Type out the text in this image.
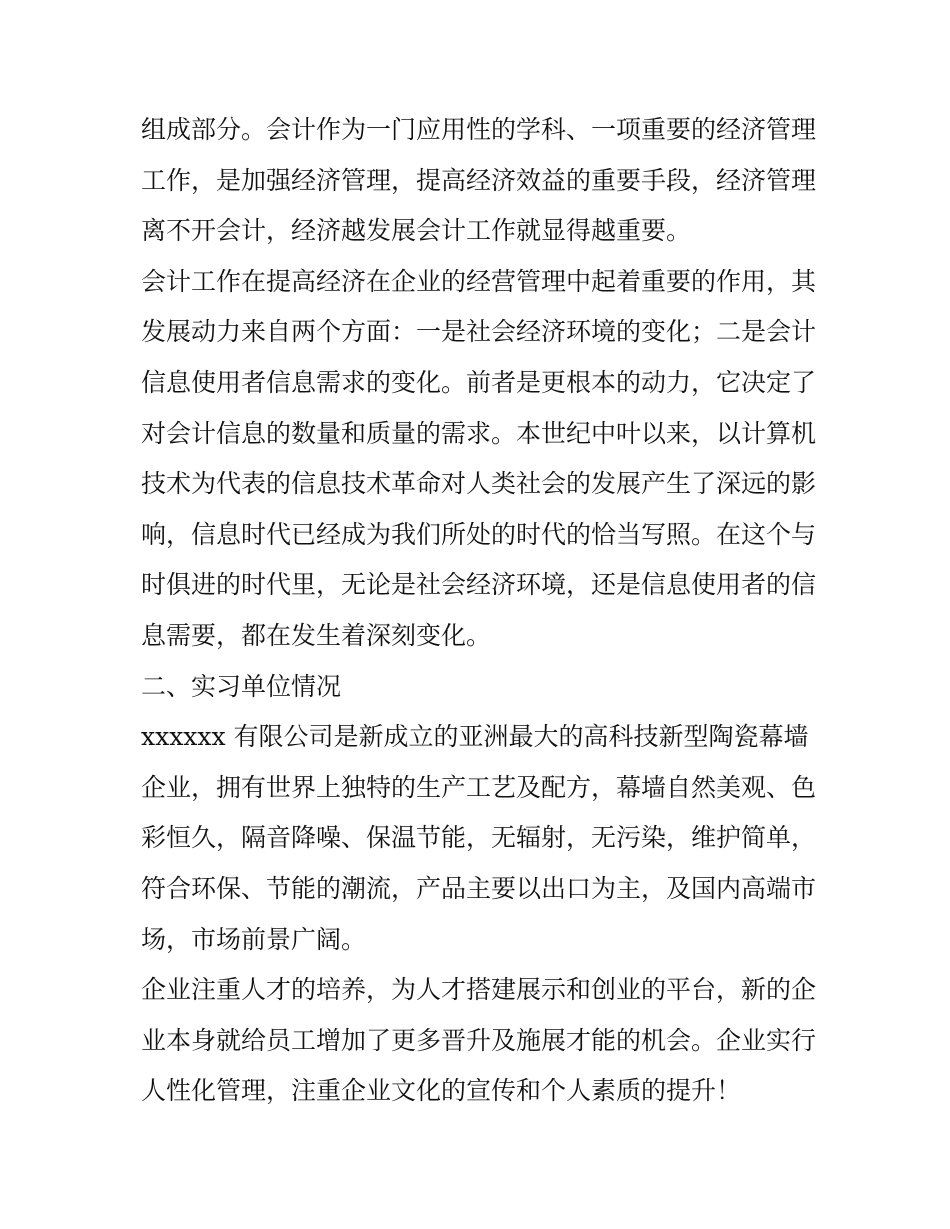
组成部分。会计作为一门应用性的学科、一项重要的经济管理
工作，是加强经济管理，提高经济效益的重要手段，经济管理
离不开会计，经济越发展会计工作就显得越重要。
会计工作在提高经济在企业的经营管理中起着重要的作用，其
发展动力来自两个方面：一是社会经济环境的变化；二是会计
信息使用者信息需求的变化。前者是更根本的动力，它决定了
对会计信息的数量和质量的需求。本世纪中叶以来，以计算机
技术为代表的信息技术革命对人类社会的发展产生了深远的影
响，信息时代已经成为我们所处的时代的恰当写照。在这个与
时俱进的时代里，无论是社会经济环境，还是信息使用者的信
息需要，都在发生着深刻变化。
二、实习单位情况
xxxxxx 有限公司是新成立的亚洲最大的高科技新型陶瓷幕墙
企业，拥有世界上独特的生产工艺及配方，幕墙自然美观、色
彩恒久，隔音降噪、保温节能，无辐射，无污染，维护简单，
符合环保、节能的潮流，产品主要以出口为主，及国内高端市
场，市场前景广阔。
企业注重人才的培养，为人才搭建展示和创业的平台，新的企
业本身就给员工增加了更多晋升及施展才能的机会。企业实行
人性化管理，注重企业文化的宣传和个人素质的提升！
